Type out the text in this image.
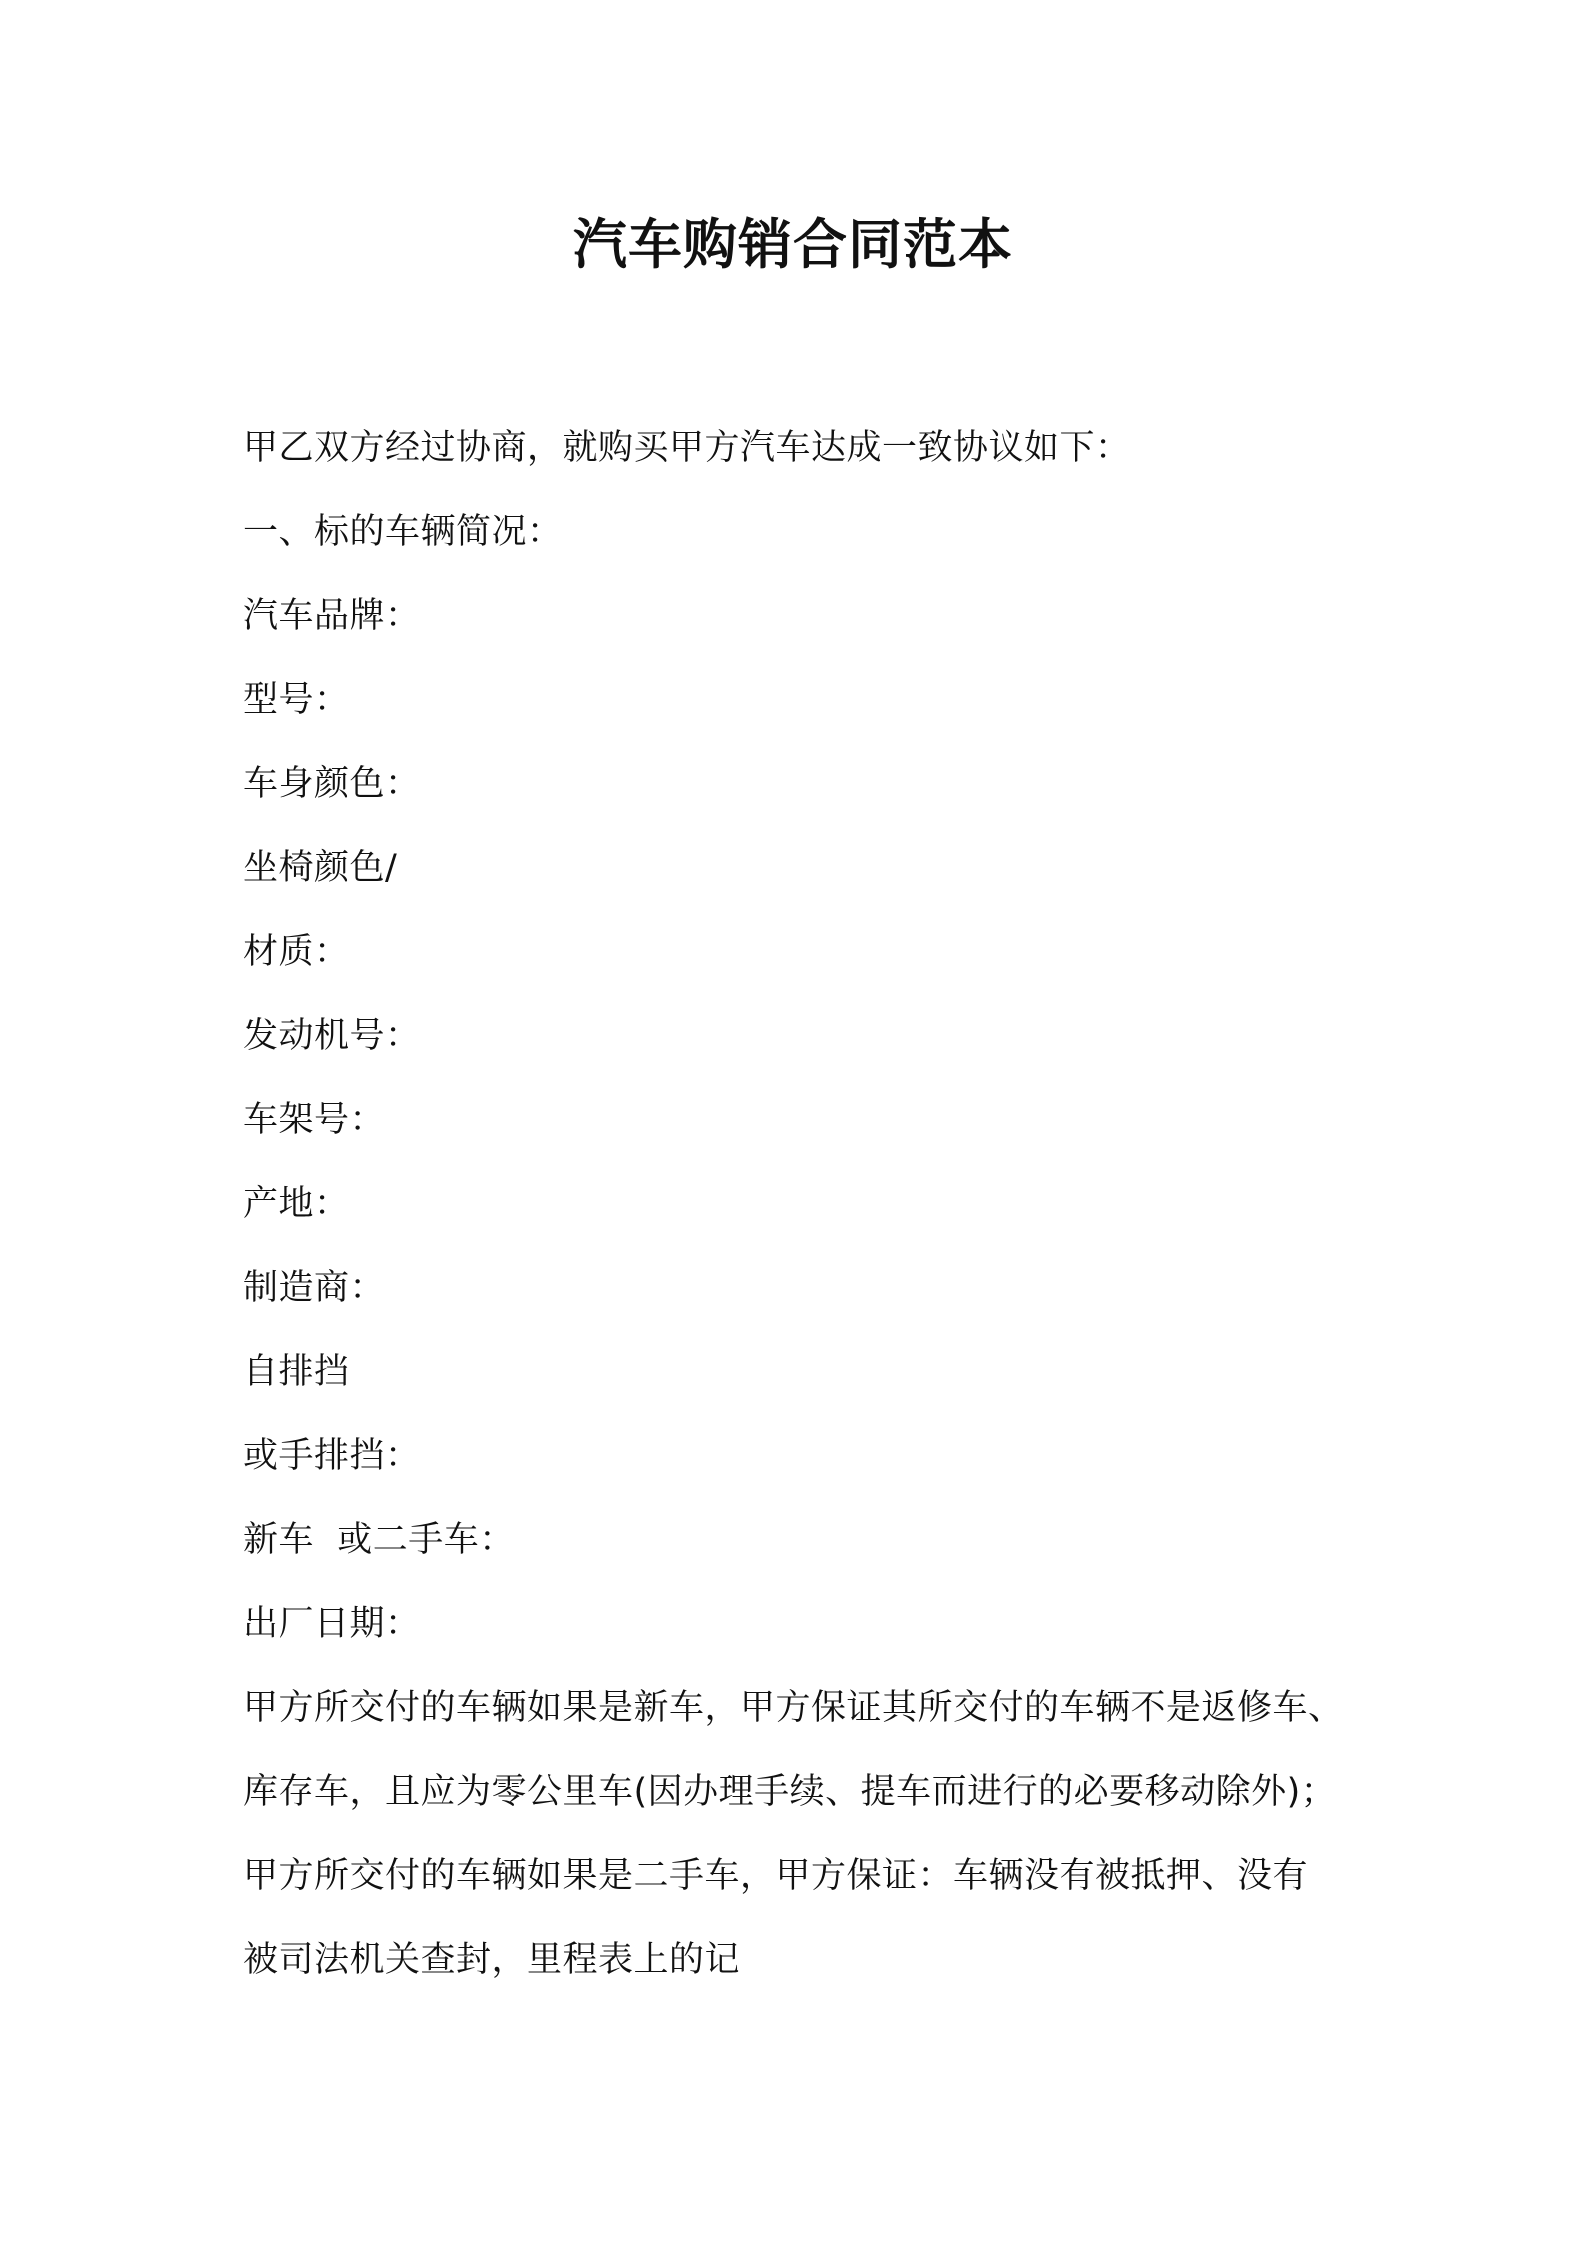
汽车购销合同范本
甲乙双方经过协商，就购买甲方汽车达成一致协议如下：
一、标的车辆简况：
汽车品牌：
型号：
车身颜色：
坐椅颜色/
材质：
发动机号：
车架号：
产地：
制造商：
自排挡
或手排挡：
新车  或二手车：
出厂日期：
甲方所交付的车辆如果是新车，甲方保证其所交付的车辆不是返修车、
库存车，且应为零公里车(因办理手续、提车而进行的必要移动除外)；
甲方所交付的车辆如果是二手车，甲方保证：车辆没有被抵押、没有
被司法机关查封，里程表上的记
